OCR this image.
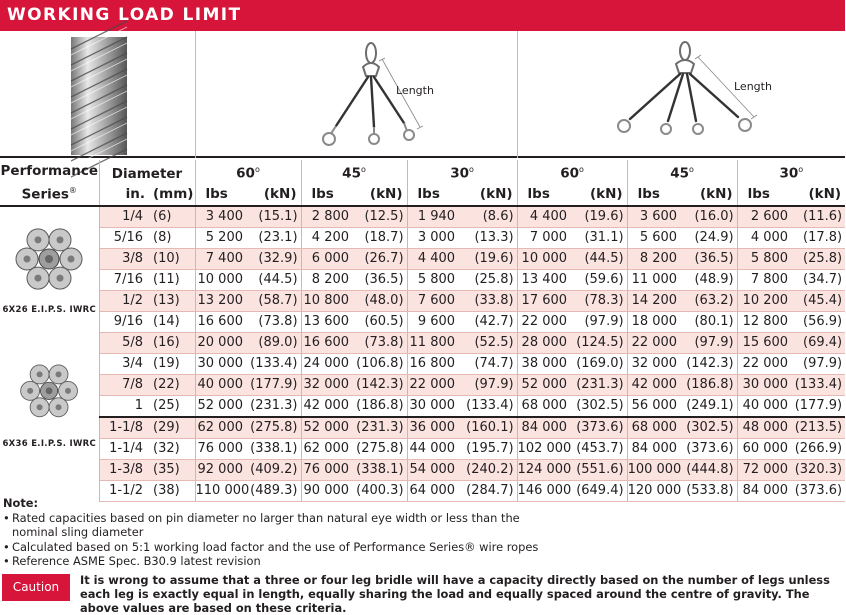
WORKING LOAD LIMIT
Length	Length
Performance
Series®	Diameter		60$^o$		45$^o$		30$^o$		60$^o$		45$^o$		30$^o$
	in.	(mm)	lbs	(kN)	lbs	(kN)	lbs	(kN)	lbs	(kN)	lbs	(kN)	lbs	(kN)

6X26 E.I.P.S. IWRC	1/4	(6)	3 400	(15.1)	2 800	(12.5)	1 940	(8.6)	4 400	(19.6)	3 600	(16.0)	2 600	(11.6)
	5/16	(8)	5 200	(23.1)	4 200	(18.7)	3 000	(13.3)	7 000	(31.1)	5 600	(24.9)	4 000	(17.8)
	3/8	(10)	7 400	(32.9)	6 000	(26.7)	4 400	(19.6)	10 000	(44.5)	8 200	(36.5)	5 800	(25.8)
	7/16	(11)	10 000	(44.5)	8 200	(36.5)	5 800	(25.8)	13 400	(59.6)	11 000	(48.9)	7 800	(34.7)
	1/2	(13)	13 200	(58.7)	10 800	(48.0)	7 600	(33.8)	17 600	(78.3)	14 200	(63.2)	10 200	(45.4)
	9/16	(14)	16 600	(73.8)	13 600	(60.5)	9 600	(42.7)	22 000	(97.9)	18 000	(80.1)	12 800	(56.9)
	5/8	(16)	20 000	(89.0)	16 600	(73.8)	11 800	(52.5)	28 000	(124.5)	22 000	(97.9)	15 600	(69.4)

6X36 E.I.P.S. IWRC	3/4	(19)	30 000	(133.4)	24 000	(106.8)	16 800	(74.7)	38 000	(169.0)	32 000	(142.3)	22 000	(97.9)
	7/8	(22)	40 000	(177.9)	32 000	(142.3)	22 000	(97.9)	52 000	(231.3)	42 000	(186.8)	30 000	(133.4)
	1	(25)	52 000	(231.3)	42 000	(186.8)	30 000	(133.4)	68 000	(302.5)	56 000	(249.1)	40 000	(177.9)
	1-1/8	(29)	62 000	(275.8)	52 000	(231.3)	36 000	(160.1)	84 000	(373.6)	68 000	(302.5)	48 000	(213.5)
	1-1/4	(32)	76 000	(338.1)	62 000	(275.8)	44 000	(195.7)	102 000	(453.7)	84 000	(373.6)	60 000	(266.9)
	1-3/8	(35)	92 000	(409.2)	76 000	(338.1)	54 000	(240.2)	124 000	(551.6)	100 000	(444.8)	72 000	(320.3)
	1-1/2	(38)	110 000	(489.3)	90 000	(400.3)	64 000	(284.7)	146 000	(649.4)	120 000	(533.8)	84 000	(373.6)
Note:
• Rated capacities based on pin diameter no larger than natural eye width or less than the nominal sling diameter
• Calculated based on 5:1 working load factor and the use of Performance Series® wire ropes
• Reference ASME Spec. B30.9 latest revision
Caution	It is wrong to assume that a three or four leg bridle will have a capacity directly based on the number of legs unless each leg is exactly equal in length, equally sharing the load and equally spaced around the centre of gravity. The above values are based on these criteria.
